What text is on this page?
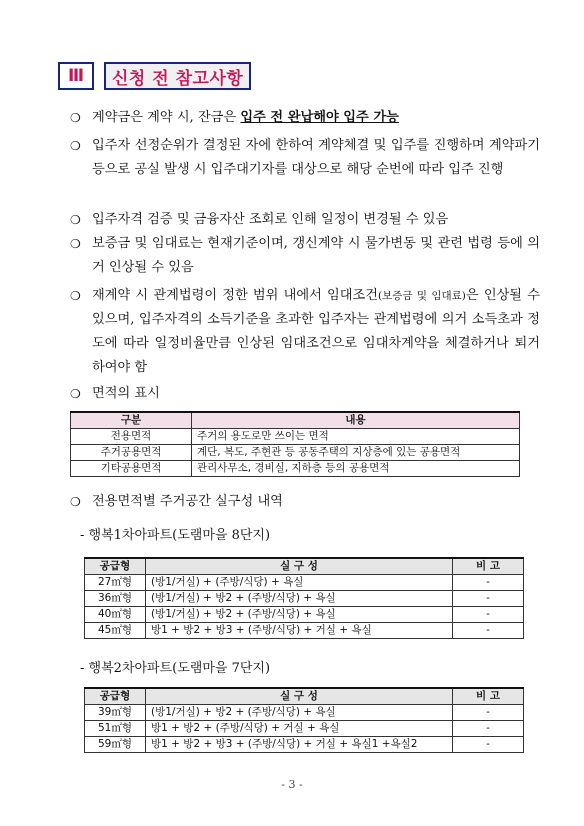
Ⅲ	신청 전 참고사항
❍ 계약금은 계약 시, 잔금은 입주 전 완납해야 입주 가능
❍ 입주자 선정순위가 결정된 자에 한하여 계약체결 및 입주를 진행하며 계약파기 등으로 공실 발생 시 입주대기자를 대상으로 해당 순번에 따라 입주 진행
❍ 입주자격 검증 및 금융자산 조회로 인해 일정이 변경될 수 있음
❍ 보증금 및 임대료는 현재기준이며, 갱신계약 시 물가변동 및 관련 법령 등에 의거 인상될 수 있음
❍ 재계약 시 관계법령이 정한 범위 내에서 임대조건(보증금 및 임대료)은 인상될 수 있으며, 입주자격의 소득기준을 초과한 입주자는 관계법령에 의거 소득초과 정도에 따라 일정비율만큼 인상된 임대조건으로 임대차계약을 체결하거나 퇴거하여야 함
❍ 면적의 표시
구분	내용
전용면적	주거의 용도로만 쓰이는 면적
주거공용면적	계단, 복도, 주현관 등 공동주택의 지상층에 있는 공용면적
기타공용면적	관리사무소, 경비실, 지하층 등의 공용면적
❍ 전용면적별 주거공간 실구성 내역
- 행복1차아파트(도램마을 8단지)
공급형	실 구 성	비 고
27㎡형	(방1/거실) + (주방/식당) + 욕실	-
36㎡형	(방1/거실) + 방2 + (주방/식당) + 욕실	-
40㎡형	(방1/거실) + 방2 + (주방/식당) + 욕실	-
45㎡형	방1 + 방2 + 방3 + (주방/식당) + 거실 + 욕실	-
- 행복2차아파트(도램마을 7단지)
공급형	실 구 성	비 고
39㎡형	(방1/거실) + 방2 + (주방/식당) + 욕실	-
51㎡형	방1 + 방2 + (주방/식당) + 거실 + 욕실	-
59㎡형	방1 + 방2 + 방3 + (주방/식당) + 거실 + 욕실1 +욕실2	-
- 3 -
